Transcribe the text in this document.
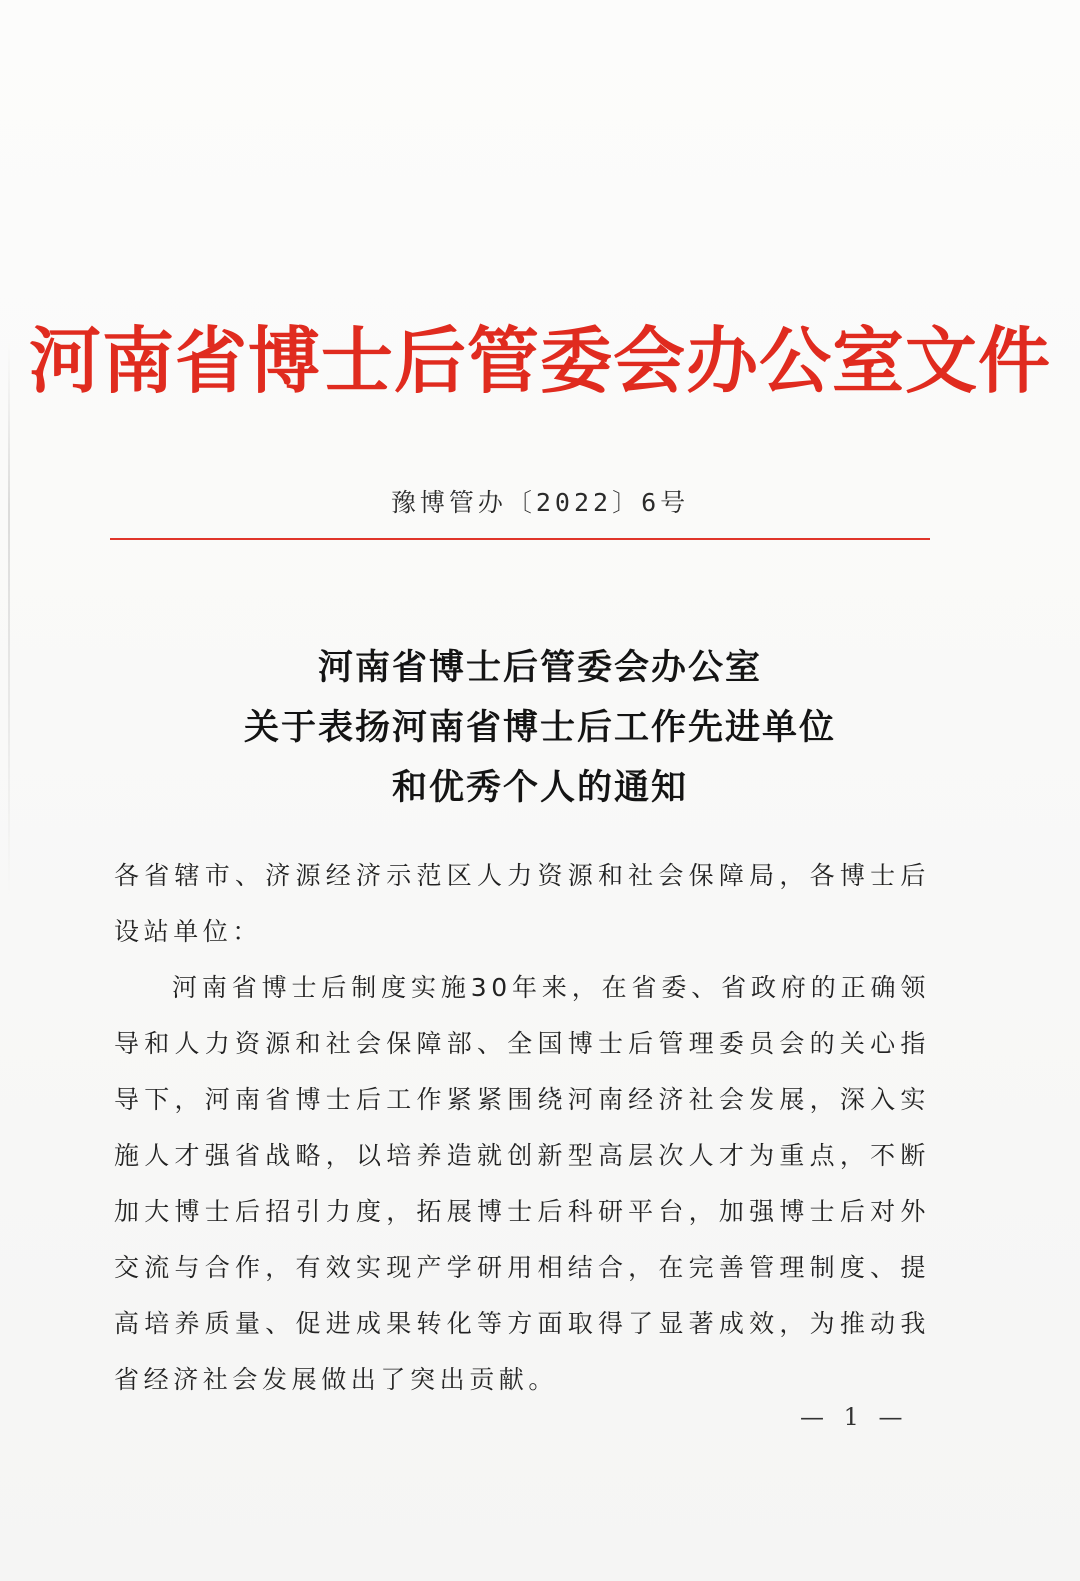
河南省博士后管委会办公室文件
豫博管办〔2022〕6号
河南省博士后管委会办公室
关于表扬河南省博士后工作先进单位
和优秀个人的通知

各省辖市、济源经济示范区人力资源和社会保障局，各博士后设站单位：

河南省博士后制度实施30年来，在省委、省政府的正确领导和人力资源和社会保障部、全国博士后管理委员会的关心指导下，河南省博士后工作紧紧围绕河南经济社会发展，深入实施人才强省战略，以培养造就创新型高层次人才为重点，不断加大博士后招引力度，拓展博士后科研平台，加强博士后对外交流与合作，有效实现产学研用相结合，在完善管理制度、提高培养质量、促进成果转化等方面取得了显著成效，为推动我省经济社会发展做出了突出贡献。

— 1 —
